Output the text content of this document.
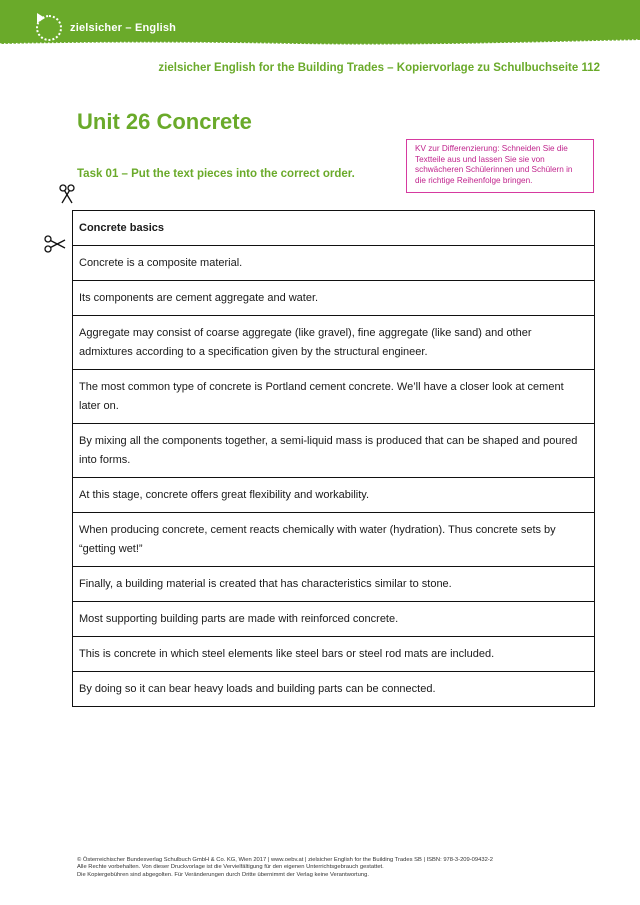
zielsicher – English
zielsicher English for the Building Trades – Kopiervorlage zu Schulbuchseite 112
Unit 26 Concrete
Task 01 – Put the text pieces into the correct order.
KV zur Differenzierung: Schneiden Sie die Textteile aus und lassen Sie sie von schwächeren Schülerinnen und Schülern in die richtige Reihenfolge bringen.
Concrete basics
Concrete is a composite material.
Its components are cement aggregate and water.
Aggregate may consist of coarse aggregate (like gravel), fine aggregate (like sand) and other admixtures according to a specification given by the structural engineer.
The most common type of concrete is Portland cement concrete. We’ll have a closer look at cement later on.
By mixing all the components together, a semi-liquid mass is produced that can be shaped and poured into forms.
At this stage, concrete offers great flexibility and workability.
When producing concrete, cement reacts chemically with water (hydration). Thus concrete sets by “getting wet!”
Finally, a building material is created that has characteristics similar to stone.
Most supporting building parts are made with reinforced concrete.
This is concrete in which steel elements like steel bars or steel rod mats are included.
By doing so it can bear heavy loads and building parts can be connected.
© Österreichischer Bundesverlag Schulbuch GmbH & Co. KG, Wien 2017 | www.oebv.at | zielsicher English for the Building Trades SB | ISBN: 978-3-209-09432-2
Alle Rechte vorbehalten. Von dieser Druckvorlage ist die Vervielfältigung für den eigenen Unterrichtsgebrauch gestattet.
Die Kopiergebühren sind abgegolten. Für Veränderungen durch Dritte übernimmt der Verlag keine Verantwortung.
